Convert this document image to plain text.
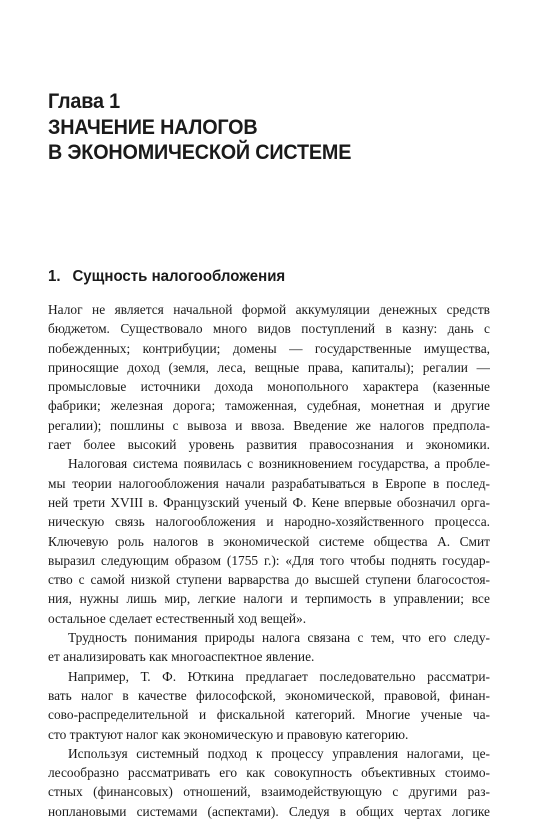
Глава 1
ЗНАЧЕНИЕ НАЛОГОВ
В ЭКОНОМИЧЕСКОЙ СИСТЕМЕ
1. Сущность налогообложения
Налог не является начальной формой аккумуляции денежных средств
бюджетом. Существовало много видов поступлений в казну: дань с
побежденных; контрибуции; домены — государственные имущества,
приносящие доход (земля, леса, вещные права, капиталы); регалии —
промысловые источники дохода монопольного характера (казенные
фабрики; железная дорога; таможенная, судебная, монетная и другие
регалии); пошлины с вывоза и ввоза. Введение же налогов предпола-
гает более высокий уровень развития правосознания и экономики.
Налоговая система появилась с возникновением государства, а пробле-
мы теории налогообложения начали разрабатываться в Европе в послед-
ней трети XVIII в. Французский ученый Ф. Кене впервые обозначил орга-
ническую связь налогообложения и народно-хозяйственного процесса.
Ключевую роль налогов в экономической системе общества А. Смит
выразил следующим образом (1755 г.): «Для того чтобы поднять государ-
ство с самой низкой ступени варварства до высшей ступени благосостоя-
ния, нужны лишь мир, легкие налоги и терпимость в управлении; все
остальное сделает естественный ход вещей».
Трудность понимания природы налога связана с тем, что его следу-
ет анализировать как многоаспектное явление.
Например, Т. Ф. Юткина предлагает последовательно рассматри-
вать налог в качестве философской, экономической, правовой, финан-
сово-распределительной и фискальной категорий. Многие ученые ча-
сто трактуют налог как экономическую и правовую категорию.
Используя системный подход к процессу управления налогами, це-
лесообразно рассматривать его как совокупность объективных стоимо-
стных (финансовых) отношений, взаимодействующую с другими раз-
ноплановыми системами (аспектами). Следуя в общих чертах логике
